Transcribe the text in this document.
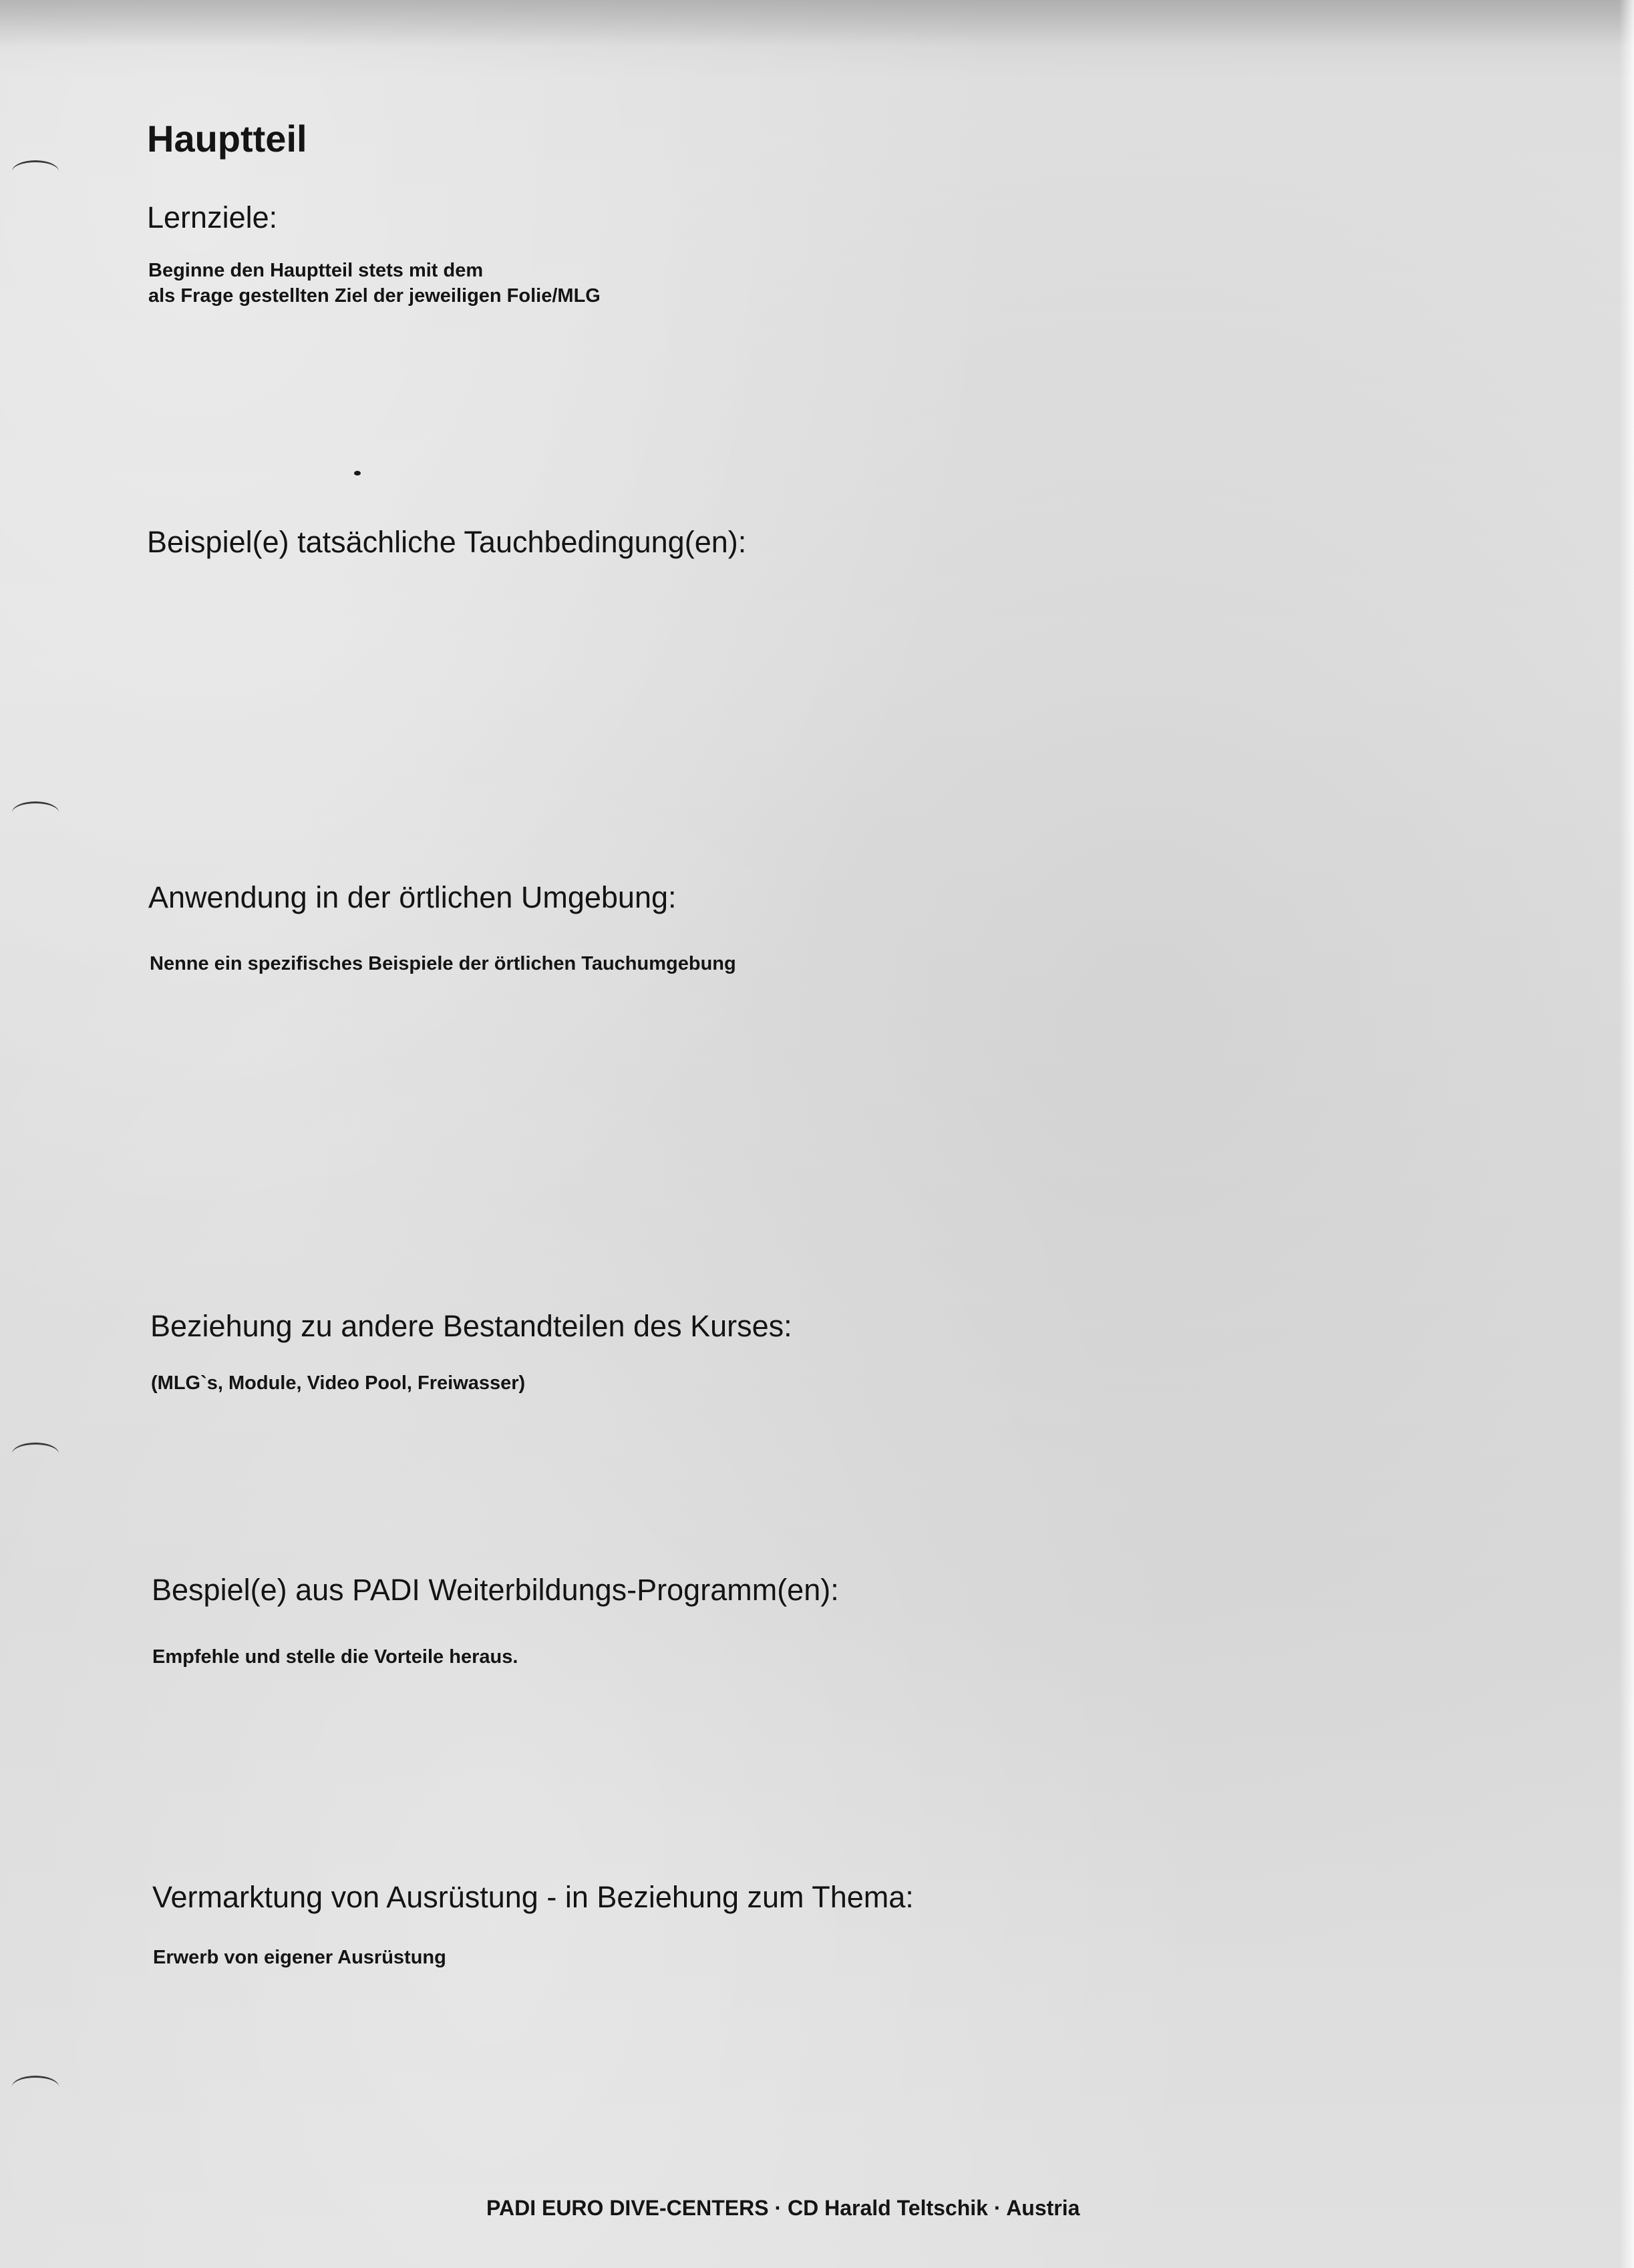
Hauptteil
Lernziele:

Beginne den Hauptteil stets mit dem

als Frage gestellten Ziel der jeweiligen Folie/MLG

Beispiel(e) tatsächliche Tauchbedingung(en):
Anwendung in der örtlichen Umgebung:

Nenne ein spezifisches Beispiele der örtlichen Tauchumgebung

Beziehung zu andere Bestandteilen des Kurses:

(MLG`s, Module, Video Pool, Freiwasser)

Bespiel(e) aus PADI Weiterbildungs-Programm(en):

Empfehle und stelle die Vorteile heraus.

Vermarktung von Ausrüstung - in Beziehung zum Thema:

Erwerb von eigener Ausrüstung

PADI EURO DIVE-CENTERS · CD Harald Teltschik · Austria
